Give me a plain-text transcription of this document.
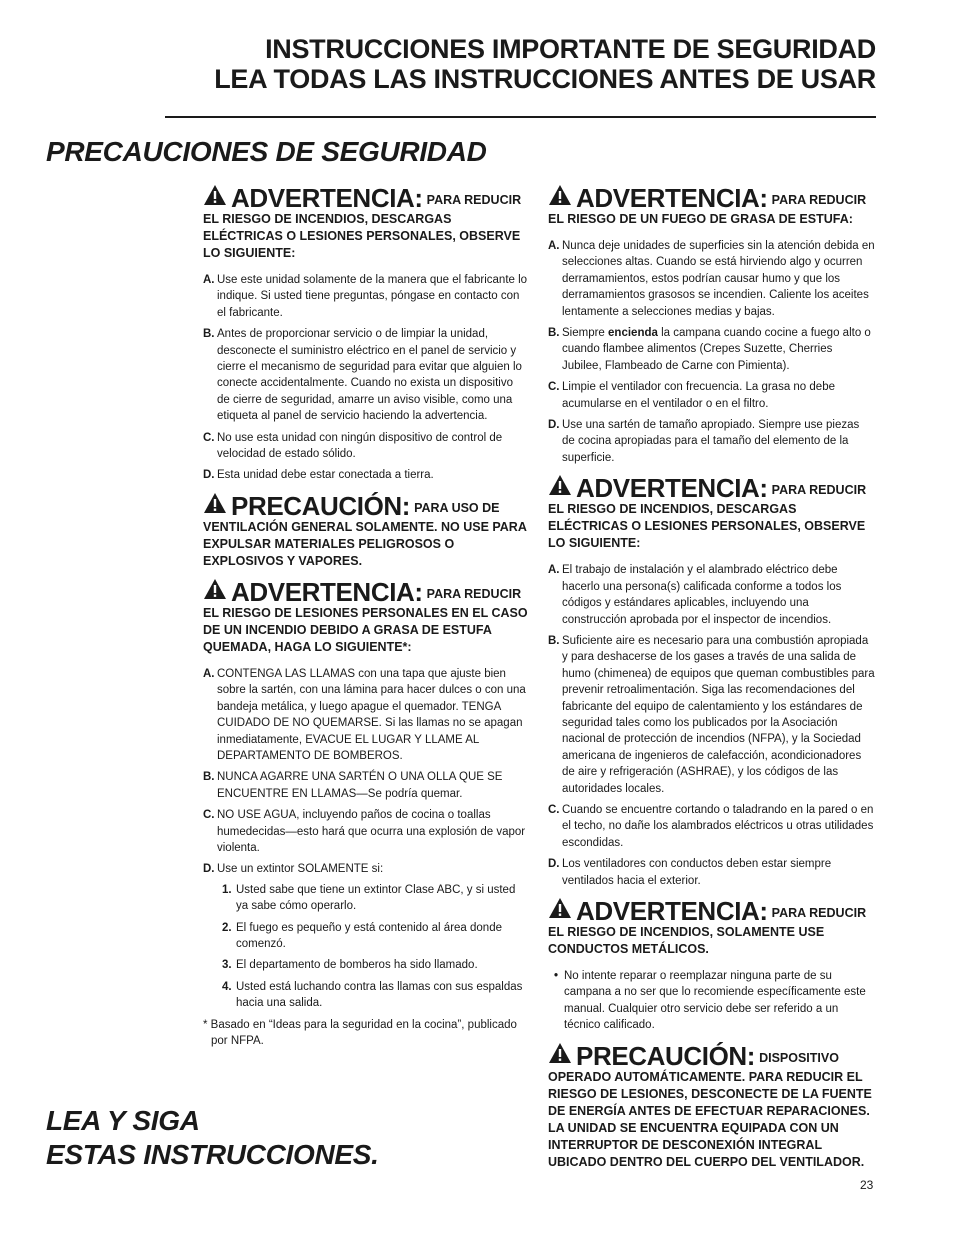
INSTRUCCIONES IMPORTANTE DE SEGURIDAD
LEA TODAS LAS INSTRUCCIONES ANTES DE USAR
PRECAUCIONES DE SEGURIDAD
ADVERTENCIA: PARA REDUCIR
EL RIESGO DE INCENDIOS, DESCARGAS ELÉCTRICAS O LESIONES PERSONALES, OBSERVE LO SIGUIENTE:
A. Use este unidad solamente de la manera que el fabricante lo indique. Si usted tiene preguntas, póngase en contacto con el fabricante.
B. Antes de proporcionar servicio o de limpiar la unidad, desconecte el suministro eléctrico en el panel de servicio y cierre el mecanismo de seguridad para evitar que alguien lo conecte accidentalmente. Cuando no exista un dispositivo de cierre de seguridad, amarre un aviso visible, como una etiqueta al panel de servicio haciendo la advertencia.
C. No use esta unidad con ningún dispositivo de control de velocidad de estado sólido.
D. Esta unidad debe estar conectada a tierra.
PRECAUCIÓN: PARA USO DE
VENTILACIÓN GENERAL SOLAMENTE. NO USE PARA EXPULSAR MATERIALES PELIGROSOS O EXPLOSIVOS Y VAPORES.
ADVERTENCIA: PARA REDUCIR
EL RIESGO DE LESIONES PERSONALES EN EL CASO DE UN INCENDIO DEBIDO A GRASA DE ESTUFA QUEMADA, HAGA LO SIGUIENTE*:
A. CONTENGA LAS LLAMAS con una tapa que ajuste bien sobre la sartén, con una lámina para hacer dulces o con una bandeja metálica, y luego apague el quemador. TENGA CUIDADO DE NO QUEMARSE. Si las llamas no se apagan inmediatamente, EVACUE EL LUGAR Y LLAME AL DEPARTAMENTO DE BOMBEROS.
B. NUNCA AGARRE UNA SARTÉN O UNA OLLA QUE SE ENCUENTRE EN LLAMAS—Se podría quemar.
C. NO USE AGUA, incluyendo paños de cocina o toallas humedecidas—esto hará que ocurra una explosión de vapor violenta.
D. Use un extintor SOLAMENTE si:
1. Usted sabe que tiene un extintor Clase ABC, y si usted ya sabe cómo operarlo.
2. El fuego es pequeño y está contenido al área donde comenzó.
3. El departamento de bomberos ha sido llamado.
4. Usted está luchando contra las llamas con sus espaldas hacia una salida.
* Basado en “Ideas para la seguridad en la cocina”, publicado por NFPA.
ADVERTENCIA: PARA REDUCIR
EL RIESGO DE UN FUEGO DE GRASA DE ESTUFA:
A. Nunca deje unidades de superficies sin la atención debida en selecciones altas. Cuando se está hirviendo algo y ocurren derramamientos, estos podrían causar humo y que los derramamientos grasosos se incendien. Caliente los aceites lentamente a selecciones medias y bajas.
B. Siempre encienda la campana cuando cocine a fuego alto o cuando flambee alimentos (Crepes Suzette, Cherries Jubilee, Flambeado de Carne con Pimienta).
C. Limpie el ventilador con frecuencia. La grasa no debe acumularse en el ventilador o en el filtro.
D. Use una sartén de tamaño apropiado. Siempre use piezas de cocina apropiadas para el tamaño del elemento de la superficie.
ADVERTENCIA: PARA REDUCIR
EL RIESGO DE INCENDIOS, DESCARGAS ELÉCTRICAS O LESIONES PERSONALES, OBSERVE LO SIGUIENTE:
A. El trabajo de instalación y el alambrado eléctrico debe hacerlo una persona(s) calificada conforme a todos los códigos y estándares aplicables, incluyendo una construcción aprobada por el inspector de incendios.
B. Suficiente aire es necesario para una combustión apropiada y para deshacerse de los gases a través de una salida de humo (chimenea) de equipos que queman combustibles para prevenir retroalimentación. Siga las recomendaciones del fabricante del equipo de calentamiento y los estándares de seguridad tales como los publicados por la Asociación nacional de protección de incendios (NFPA), y la Sociedad americana de ingenieros de calefacción, acondicionadores de aire y refrigeración (ASHRAE), y los códigos de las autoridades locales.
C. Cuando se encuentre cortando o taladrando en la pared o en el techo, no dañe los alambrados eléctricos u otras utilidades escondidas.
D. Los ventiladores con conductos deben estar siempre ventilados hacia el exterior.
ADVERTENCIA: PARA REDUCIR
EL RIESGO DE INCENDIOS, SOLAMENTE USE CONDUCTOS METÁLICOS.
• No intente reparar o reemplazar ninguna parte de su campana a no ser que lo recomiende específicamente este manual. Cualquier otro servicio debe ser referido a un técnico calificado.
PRECAUCIÓN: DISPOSITIVO
OPERADO AUTOMÁTICAMENTE. PARA REDUCIR EL RIESGO DE LESIONES, DESCONECTE DE LA FUENTE DE ENERGÍA ANTES DE EFECTUAR REPARACIONES. LA UNIDAD SE ENCUENTRA EQUIPADA CON UN INTERRUPTOR DE DESCONEXIÓN INTEGRAL UBICADO DENTRO DEL CUERPO DEL VENTILADOR.
LEA Y SIGA
ESTAS INSTRUCCIONES.
23
